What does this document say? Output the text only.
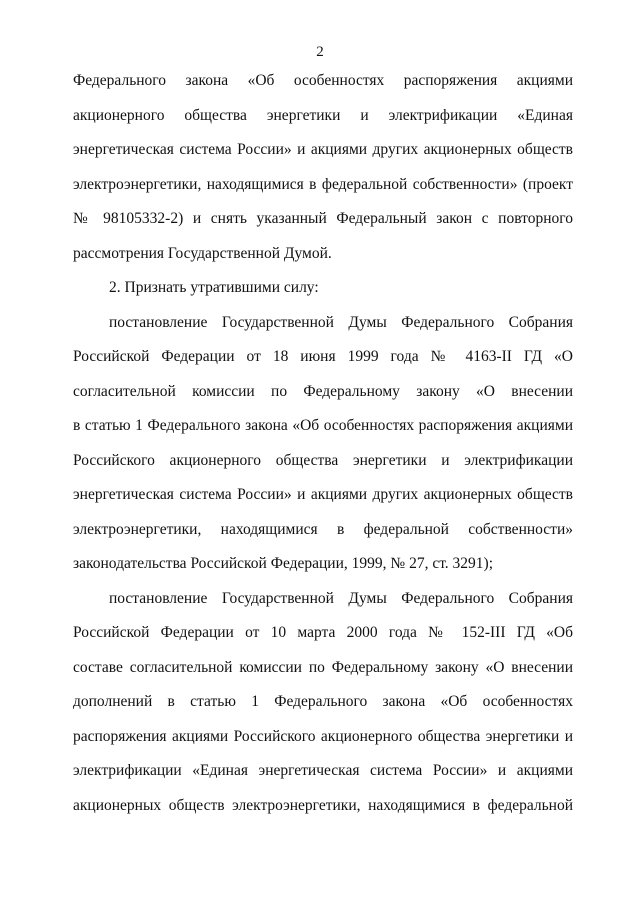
2
Федерального закона «Об особенностях распоряжения акциями
акционерного общества энергетики и электрификации «Единая
энергетическая система России» и акциями других акционерных обществ
электроэнергетики, находящимися в федеральной собственности» (проект
№ 98105332-2) и снять указанный Федеральный закон с повторного
рассмотрения Государственной Думой.
2. Признать утратившими силу:
постановление Государственной Думы Федерального Собрания
Российской Федерации от 18 июня 1999 года № 4163-II ГД «О
согласительной комиссии по Федеральному закону «О внесении
в статью 1 Федерального закона «Об особенностях распоряжения акциями
Российского акционерного общества энергетики и электрификации
энергетическая система России» и акциями других акционерных обществ
электроэнергетики, находящимися в федеральной собственности»
законодательства Российской Федерации, 1999, № 27, ст. 3291);
постановление Государственной Думы Федерального Собрания
Российской Федерации от 10 марта 2000 года № 152-III ГД «Об
составе согласительной комиссии по Федеральному закону «О внесении
дополнений в статью 1 Федерального закона «Об особенностях
распоряжения акциями Российского акционерного общества энергетики и
электрификации «Единая энергетическая система России» и акциями
акционерных обществ электроэнергетики, находящимися в федеральной
